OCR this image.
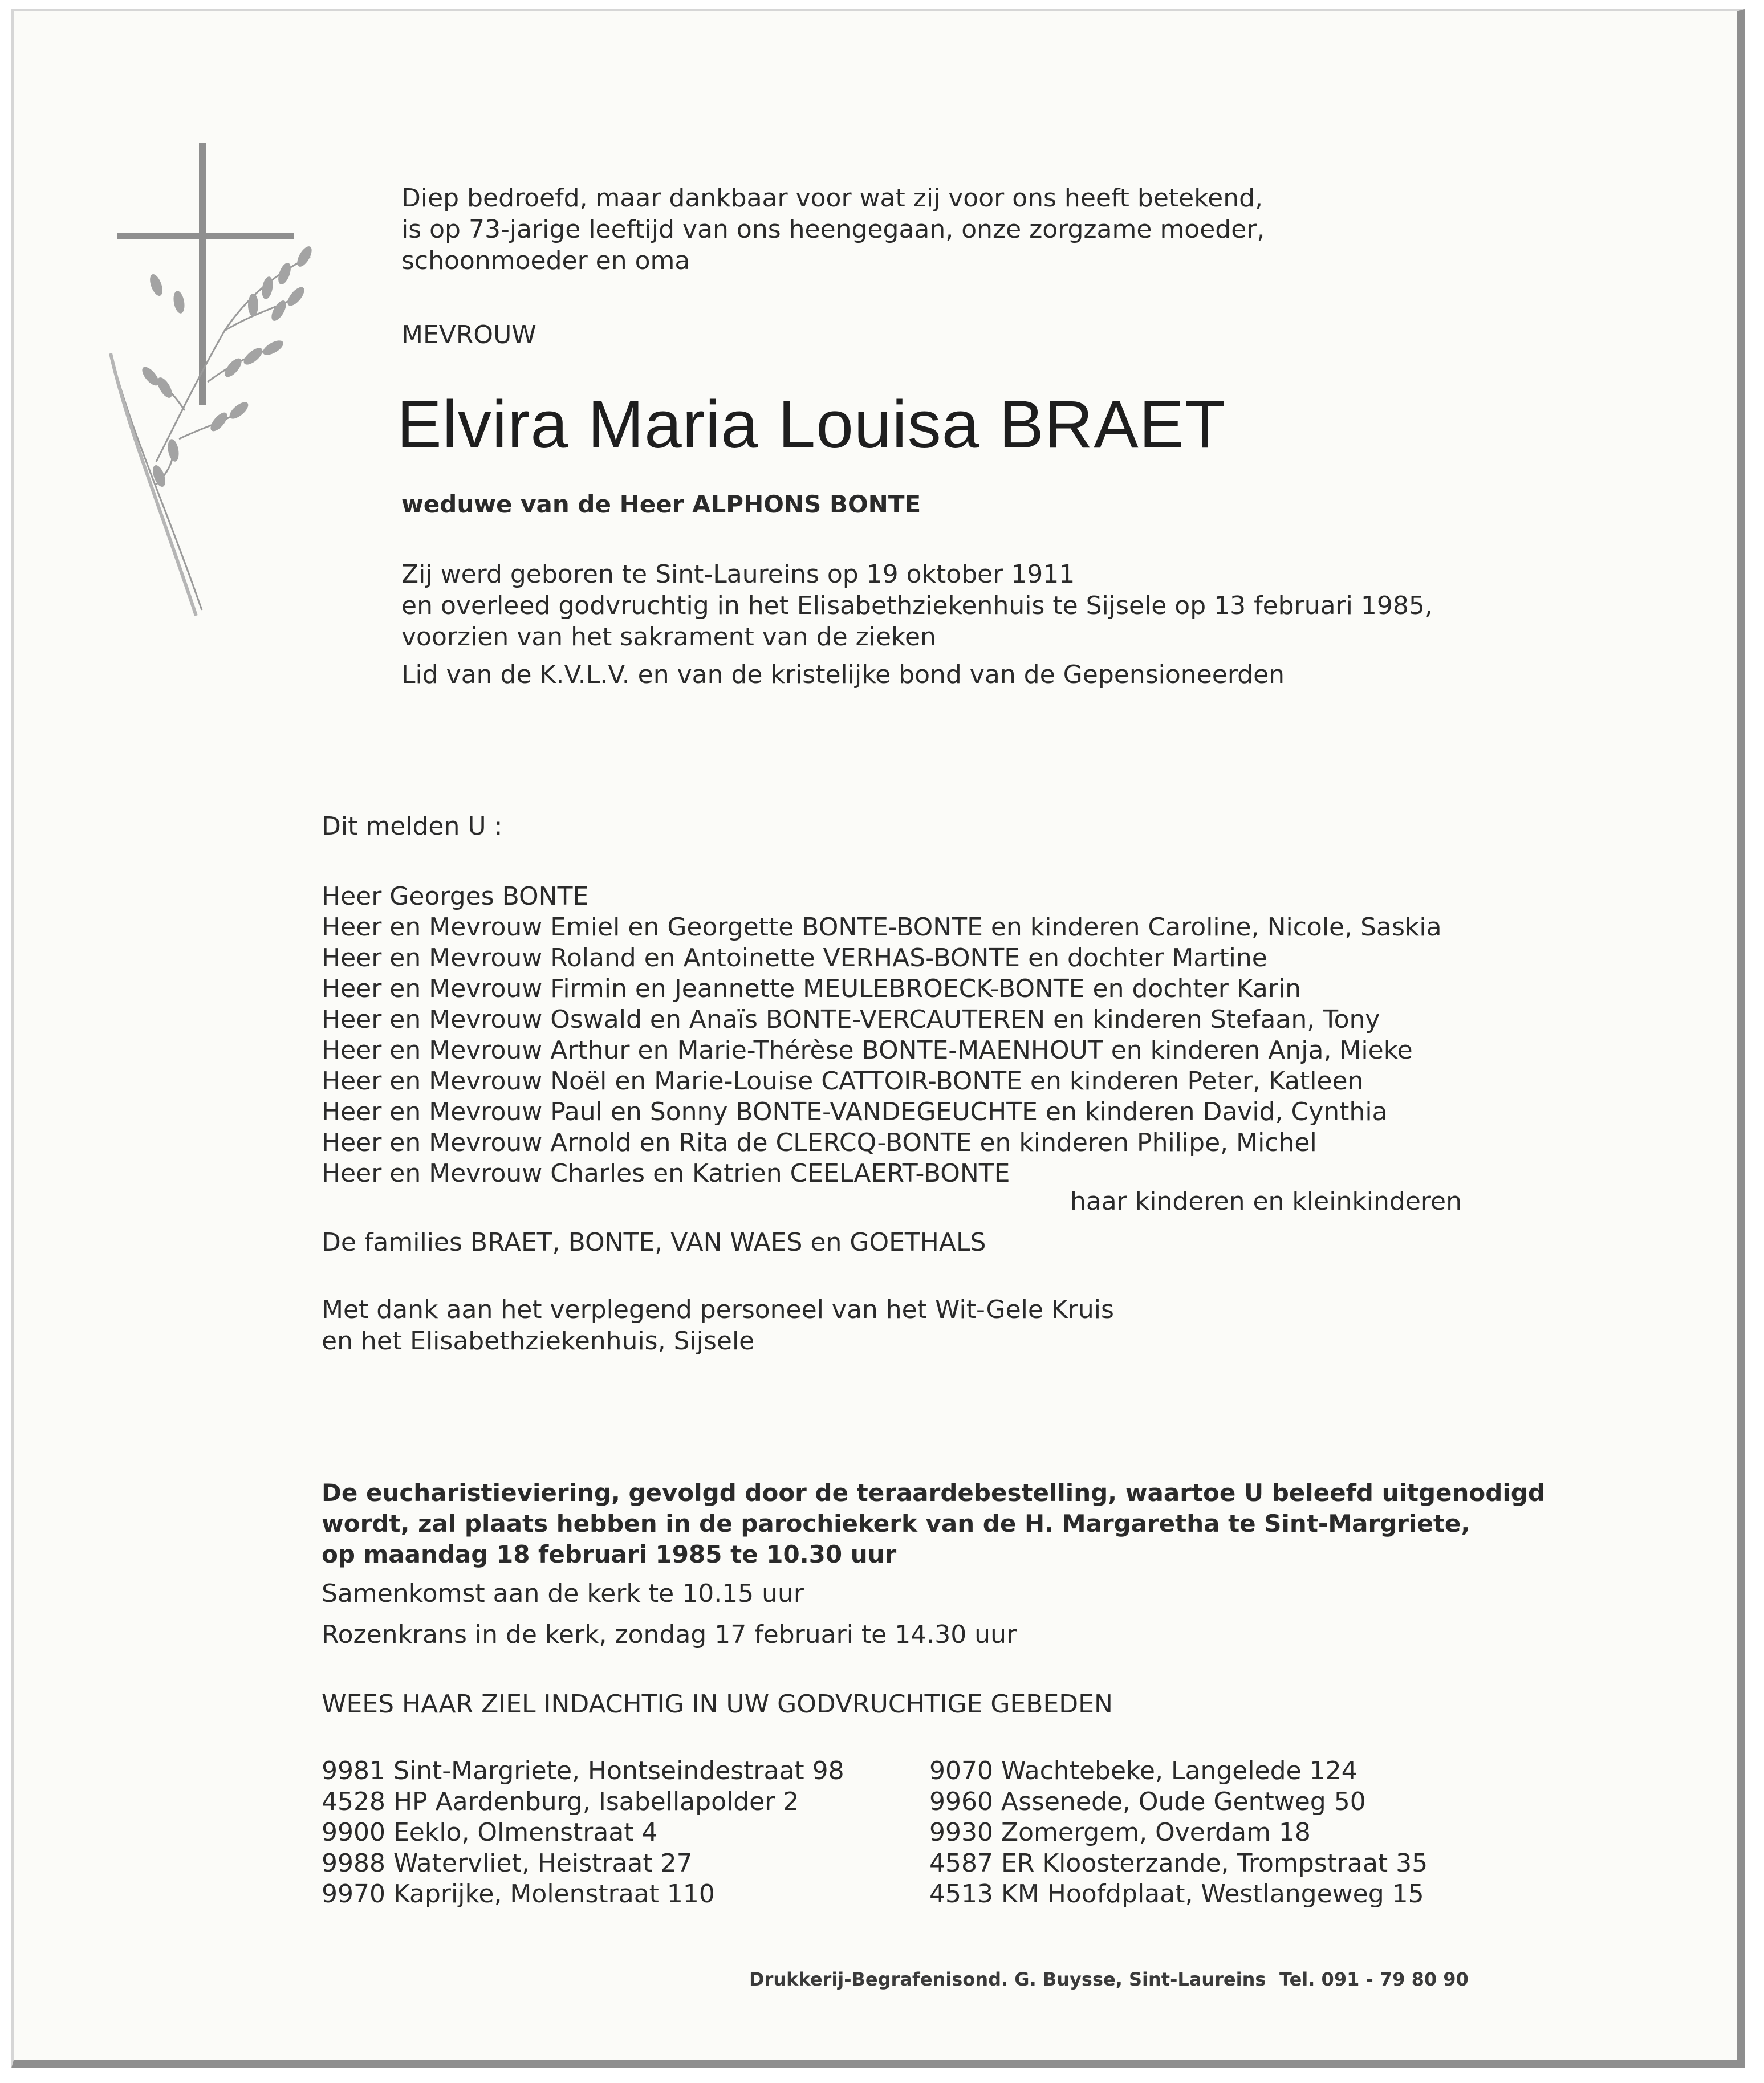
Diep bedroefd, maar dankbaar voor wat zij voor ons heeft betekend,
is op 73-jarige leeftijd van ons heengegaan, onze zorgzame moeder,
schoonmoeder en oma
MEVROUW
Elvira Maria Louisa BRAET
weduwe van de Heer ALPHONS BONTE
Zij werd geboren te Sint-Laureins op 19 oktober 1911
en overleed godvruchtig in het Elisabethziekenhuis te Sijsele op 13 februari 1985,
voorzien van het sakrament van de zieken
Lid van de K.V.L.V. en van de kristelijke bond van de Gepensioneerden
Dit melden U :
Heer Georges BONTE
Heer en Mevrouw Emiel en Georgette BONTE-BONTE en kinderen Caroline, Nicole, Saskia
Heer en Mevrouw Roland en Antoinette VERHAS-BONTE en dochter Martine
Heer en Mevrouw Firmin en Jeannette MEULEBROECK-BONTE en dochter Karin
Heer en Mevrouw Oswald en Anaïs BONTE-VERCAUTEREN en kinderen Stefaan, Tony
Heer en Mevrouw Arthur en Marie-Thérèse BONTE-MAENHOUT en kinderen Anja, Mieke
Heer en Mevrouw Noël en Marie-Louise CATTOIR-BONTE en kinderen Peter, Katleen
Heer en Mevrouw Paul en Sonny BONTE-VANDEGEUCHTE en kinderen David, Cynthia
Heer en Mevrouw Arnold en Rita de CLERCQ-BONTE en kinderen Philipe, Michel
Heer en Mevrouw Charles en Katrien CEELAERT-BONTE
haar kinderen en kleinkinderen
De families BRAET, BONTE, VAN WAES en GOETHALS
Met dank aan het verplegend personeel van het Wit-Gele Kruis
en het Elisabethziekenhuis, Sijsele
De eucharistieviering, gevolgd door de teraardebestelling, waartoe U beleefd uitgenodigd
wordt, zal plaats hebben in de parochiekerk van de H. Margaretha te Sint-Margriete,
op maandag 18 februari 1985 te 10.30 uur
Samenkomst aan de kerk te 10.15 uur
Rozenkrans in de kerk, zondag 17 februari te 14.30 uur
WEES HAAR ZIEL INDACHTIG IN UW GODVRUCHTIGE GEBEDEN
9981 Sint-Margriete, Hontseindestraat 98
4528 HP Aardenburg, Isabellapolder 2
9900 Eeklo, Olmenstraat 4
9988 Watervliet, Heistraat 27
9970 Kaprijke, Molenstraat 110
9070 Wachtebeke, Langelede 124
9960 Assenede, Oude Gentweg 50
9930 Zomergem, Overdam 18
4587 ER Kloosterzande, Trompstraat 35
4513 KM Hoofdplaat, Westlangeweg 15
Drukkerij-Begrafenisond. G. Buysse, Sint-Laureins Tel. 091 - 79 80 90
